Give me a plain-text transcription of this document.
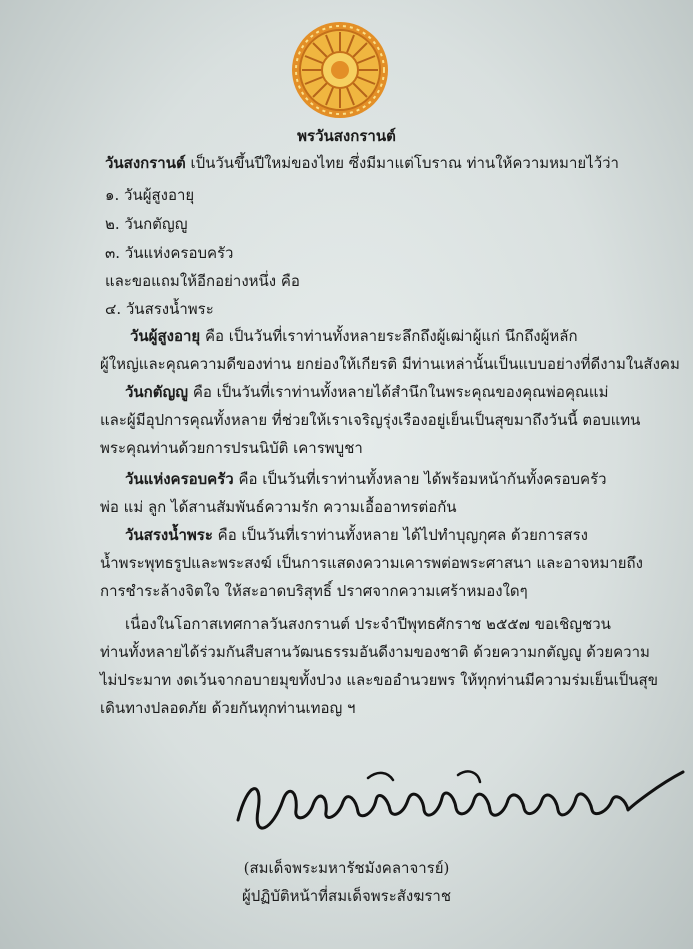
พรวันสงกรานต์
วันสงกรานต์ เป็นวันขึ้นปีใหม่ของไทย ซึ่งมีมาแต่โบราณ ท่านให้ความหมายไว้ว่า
๑. วันผู้สูงอายุ
๒. วันกตัญญู
๓. วันแห่งครอบครัว
และขอแถมให้อีกอย่างหนึ่ง คือ
๔. วันสรงน้ำพระ
วันผู้สูงอายุ คือ เป็นวันที่เราท่านทั้งหลายระลึกถึงผู้เฒ่าผู้แก่ นึกถึงผู้หลัก
ผู้ใหญ่และคุณความดีของท่าน ยกย่องให้เกียรติ มีท่านเหล่านั้นเป็นแบบอย่างที่ดีงามในสังคม
วันกตัญญู คือ เป็นวันที่เราท่านทั้งหลายได้สำนึกในพระคุณของคุณพ่อคุณแม่
และผู้มีอุปการคุณทั้งหลาย ที่ช่วยให้เราเจริญรุ่งเรืองอยู่เย็นเป็นสุขมาถึงวันนี้ ตอบแทน
พระคุณท่านด้วยการปรนนิบัติ เคารพบูชา
วันแห่งครอบครัว คือ เป็นวันที่เราท่านทั้งหลาย ได้พร้อมหน้ากันทั้งครอบครัว
พ่อ แม่ ลูก ได้สานสัมพันธ์ความรัก ความเอื้ออาทรต่อกัน
วันสรงน้ำพระ คือ เป็นวันที่เราท่านทั้งหลาย ได้ไปทำบุญกุศล ด้วยการสรง
น้ำพระพุทธรูปและพระสงฆ์ เป็นการแสดงความเคารพต่อพระศาสนา และอาจหมายถึง
การชำระล้างจิตใจ ให้สะอาดบริสุทธิ์ ปราศจากความเศร้าหมองใดๆ
เนื่องในโอกาสเทศกาลวันสงกรานต์ ประจำปีพุทธศักราช ๒๕๕๗ ขอเชิญชวน
ท่านทั้งหลายได้ร่วมกันสืบสานวัฒนธรรมอันดีงามของชาติ ด้วยความกตัญญู ด้วยความ
ไม่ประมาท งดเว้นจากอบายมุขทั้งปวง และขออำนวยพร ให้ทุกท่านมีความร่มเย็นเป็นสุข
เดินทางปลอดภัย ด้วยกันทุกท่านเทอญ ฯ
(สมเด็จพระมหารัชมังคลาจารย์)
ผู้ปฏิบัติหน้าที่สมเด็จพระสังฆราช
